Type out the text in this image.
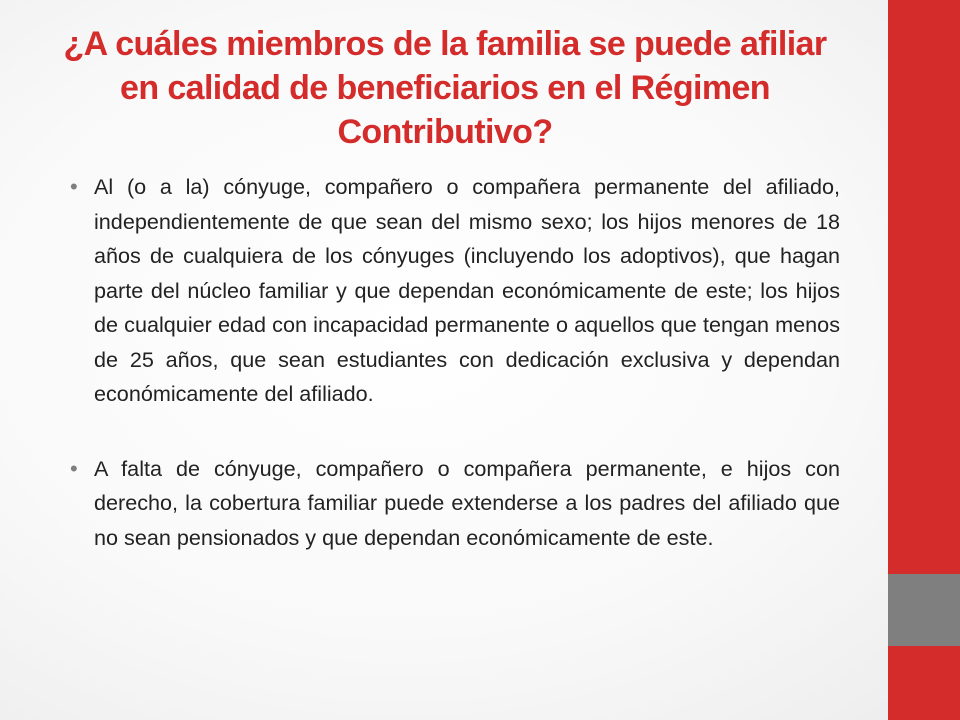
¿A cuáles miembros de la familia se puede afiliar en calidad de beneficiarios en el Régimen Contributivo?
• Al (o a la) cónyuge, compañero o compañera permanente del afiliado, independientemente de que sean del mismo sexo; los hijos menores de 18 años de cualquiera de los cónyuges (incluyendo los adoptivos), que hagan parte del núcleo familiar y que dependan económicamente de este; los hijos de cualquier edad con incapacidad permanente o aquellos que tengan menos de 25 años, que sean estudiantes con dedicación exclusiva y dependan económicamente del afiliado.
• A falta de cónyuge, compañero o compañera permanente, e hijos con derecho, la cobertura familiar puede extenderse a los padres del afiliado que no sean pensionados y que dependan económicamente de este.
